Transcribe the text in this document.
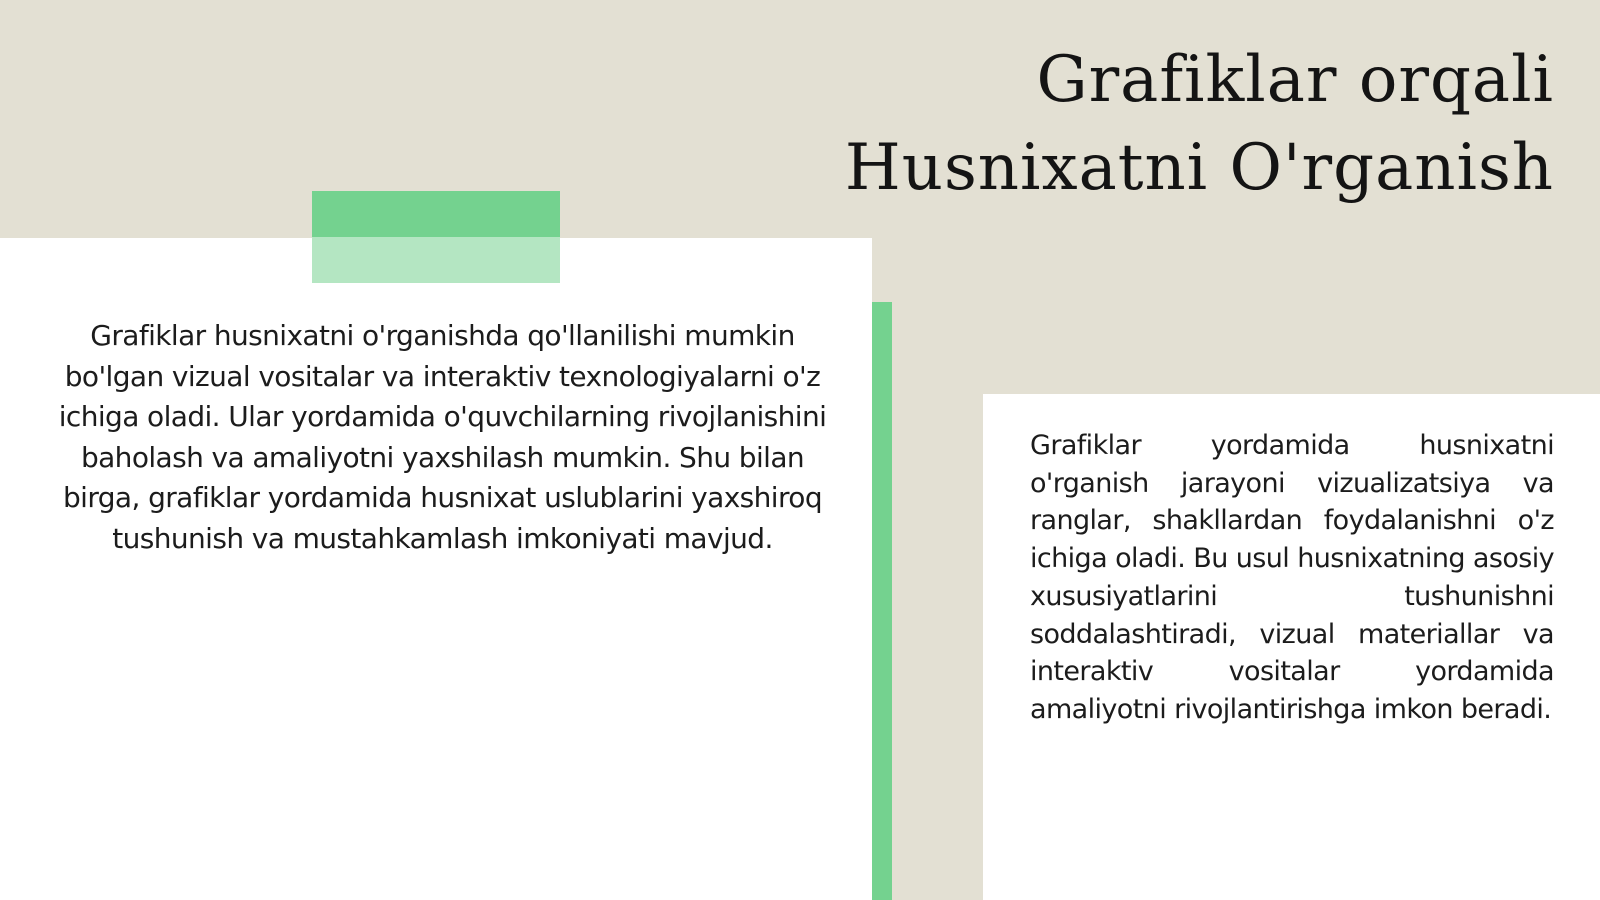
Grafiklar orqali
Husnixatni O'rganish

Grafiklar husnixatni o'rganishda qo'llanilishi mumkin bo'lgan vizual vositalar va interaktiv texnologiyalarni o'z ichiga oladi. Ular yordamida o'quvchilarning rivojlanishini baholash va amaliyotni yaxshilash mumkin. Shu bilan birga, grafiklar yordamida husnixat uslublarini yaxshiroq tushunish va mustahkamlash imkoniyati mavjud.

Grafiklar yordamida husnixatni o'rganish jarayoni vizualizatsiya va ranglar, shakllardan foydalanishni o'z ichiga oladi. Bu usul husnixatning asosiy xususiyatlarini tushunishni soddalashtiradi, vizual materiallar va interaktiv vositalar yordamida amaliyotni rivojlantirishga imkon beradi.
